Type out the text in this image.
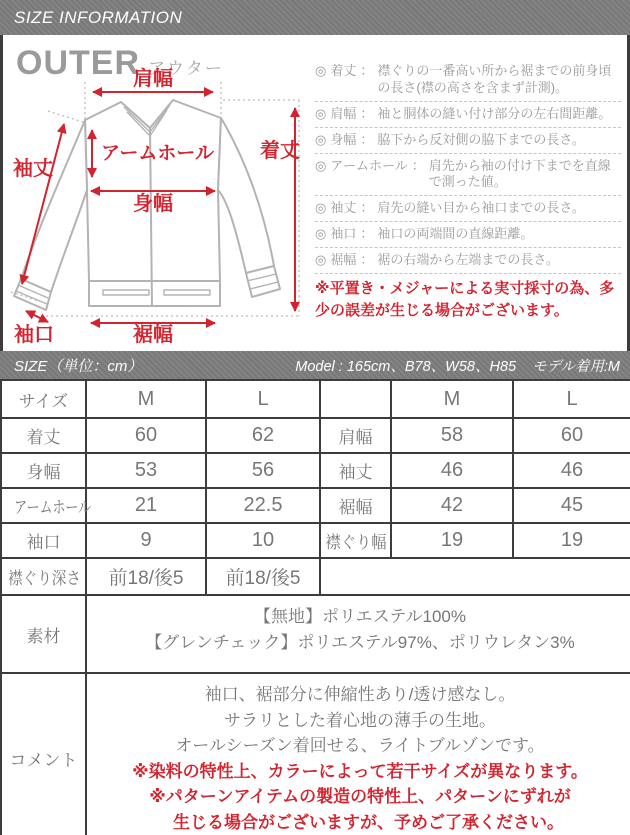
SIZE INFORMATION
OUTER アウター
肩幅
着丈
アームホール
身幅
袖丈
袖口	裾幅
◎ 着丈 ： 襟ぐりの一番高い所から裾までの前身頃の長さ(襟の高さを含まず計測)。
◎ 肩幅 ： 袖と胴体の縫い付け部分の左右間距離。
◎ 身幅 ： 脇下から反対側の脇下までの長さ。
◎ アームホール ： 肩先から袖の付け下までを直線で測った値。
◎ 袖丈 ： 肩先の縫い目から袖口までの長さ。
◎ 袖口 ： 袖口の両端間の直線距離。
◎ 裾幅 ： 裾の右端から左端までの長さ。
※平置き・メジャーによる実寸採寸の為、多少の誤差が生じる場合がございます。
SIZE（単位：cm）	Model : 165cm、B78、W58、H85 モデル着用:M
サイズ	M	L		M	L
着丈	60	62	肩幅	58	60
身幅	53	56	袖丈	46	46
アームホール	21	22.5	裾幅	42	45
袖口	9	10	襟ぐり幅	19	19
襟ぐり深さ	前18/後5	前18/後5			
素材	【無地】ポリエステル100%
【グレンチェック】ポリエステル97%、ポリウレタン3%				

コメント	
袖口、裾部分に伸縮性あり/透け感なし。
サラリとした着心地の薄手の生地。
オールシーズン着回せる、ライトブルゾンです。
※染料の特性上、カラーによって若干サイズが異なります。
※パターンアイテムの製造の特性上、パターンにずれが
　生じる場合がございますが、予めご了承ください。
